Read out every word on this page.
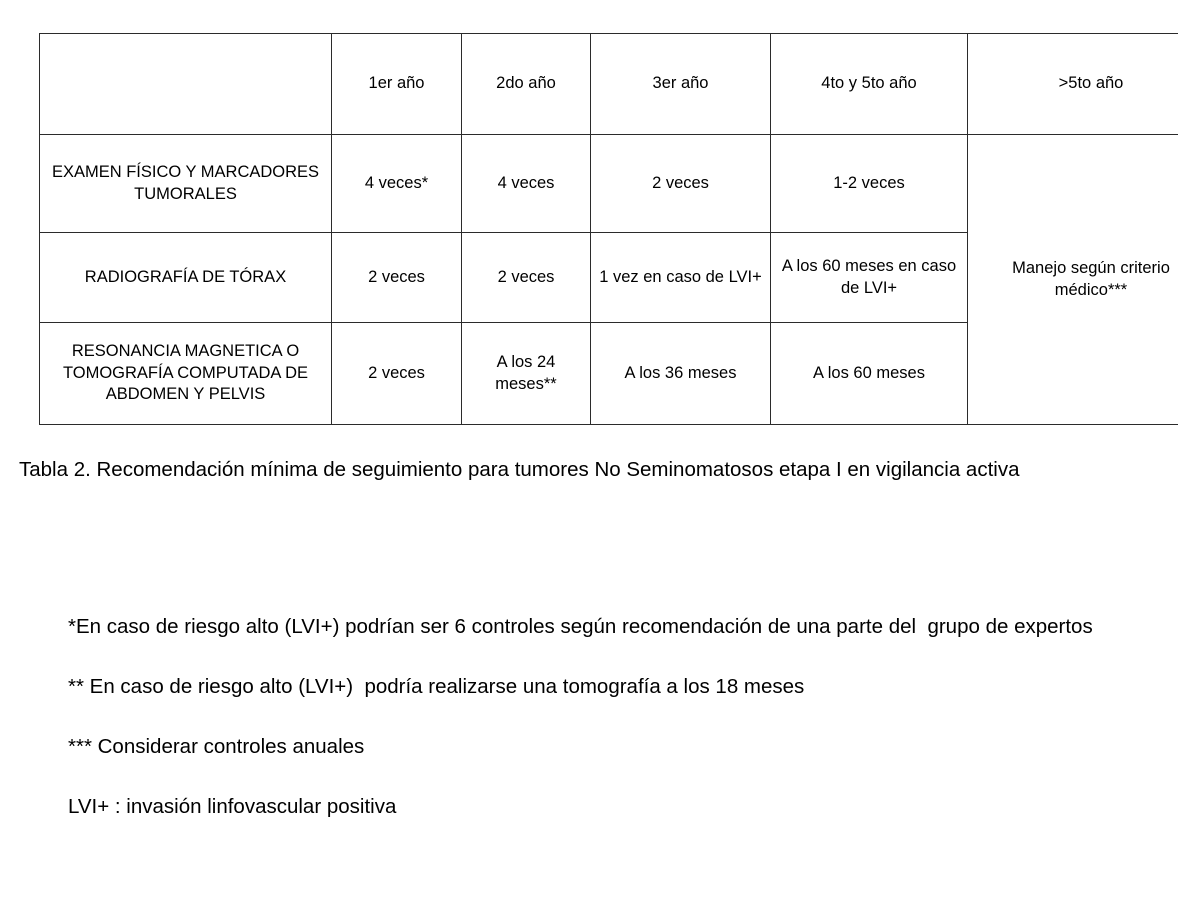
	1er año	2do año	3er año	4to y 5to año	>5to año
EXAMEN FÍSICO Y MARCADORES TUMORALES	4 veces*	4 veces	2 veces	1-2 veces	Manejo según criterio médico***
RADIOGRAFÍA DE TÓRAX	2 veces	2 veces	1 vez en caso de LVI+	A los 60 meses en caso de LVI+	
RESONANCIA MAGNETICA O TOMOGRAFÍA COMPUTADA DE ABDOMEN Y PELVIS	2 veces	A los 24 meses**	A los 36 meses	A los 60 meses	
Tabla 2. Recomendación mínima de seguimiento para tumores No Seminomatosos etapa I en vigilancia activa
*En caso de riesgo alto (LVI+) podrían ser 6 controles según recomendación de una parte del  grupo de expertos
** En caso de riesgo alto (LVI+)  podría realizarse una tomografía a los 18 meses
*** Considerar controles anuales
LVI+ : invasión linfovascular positiva
